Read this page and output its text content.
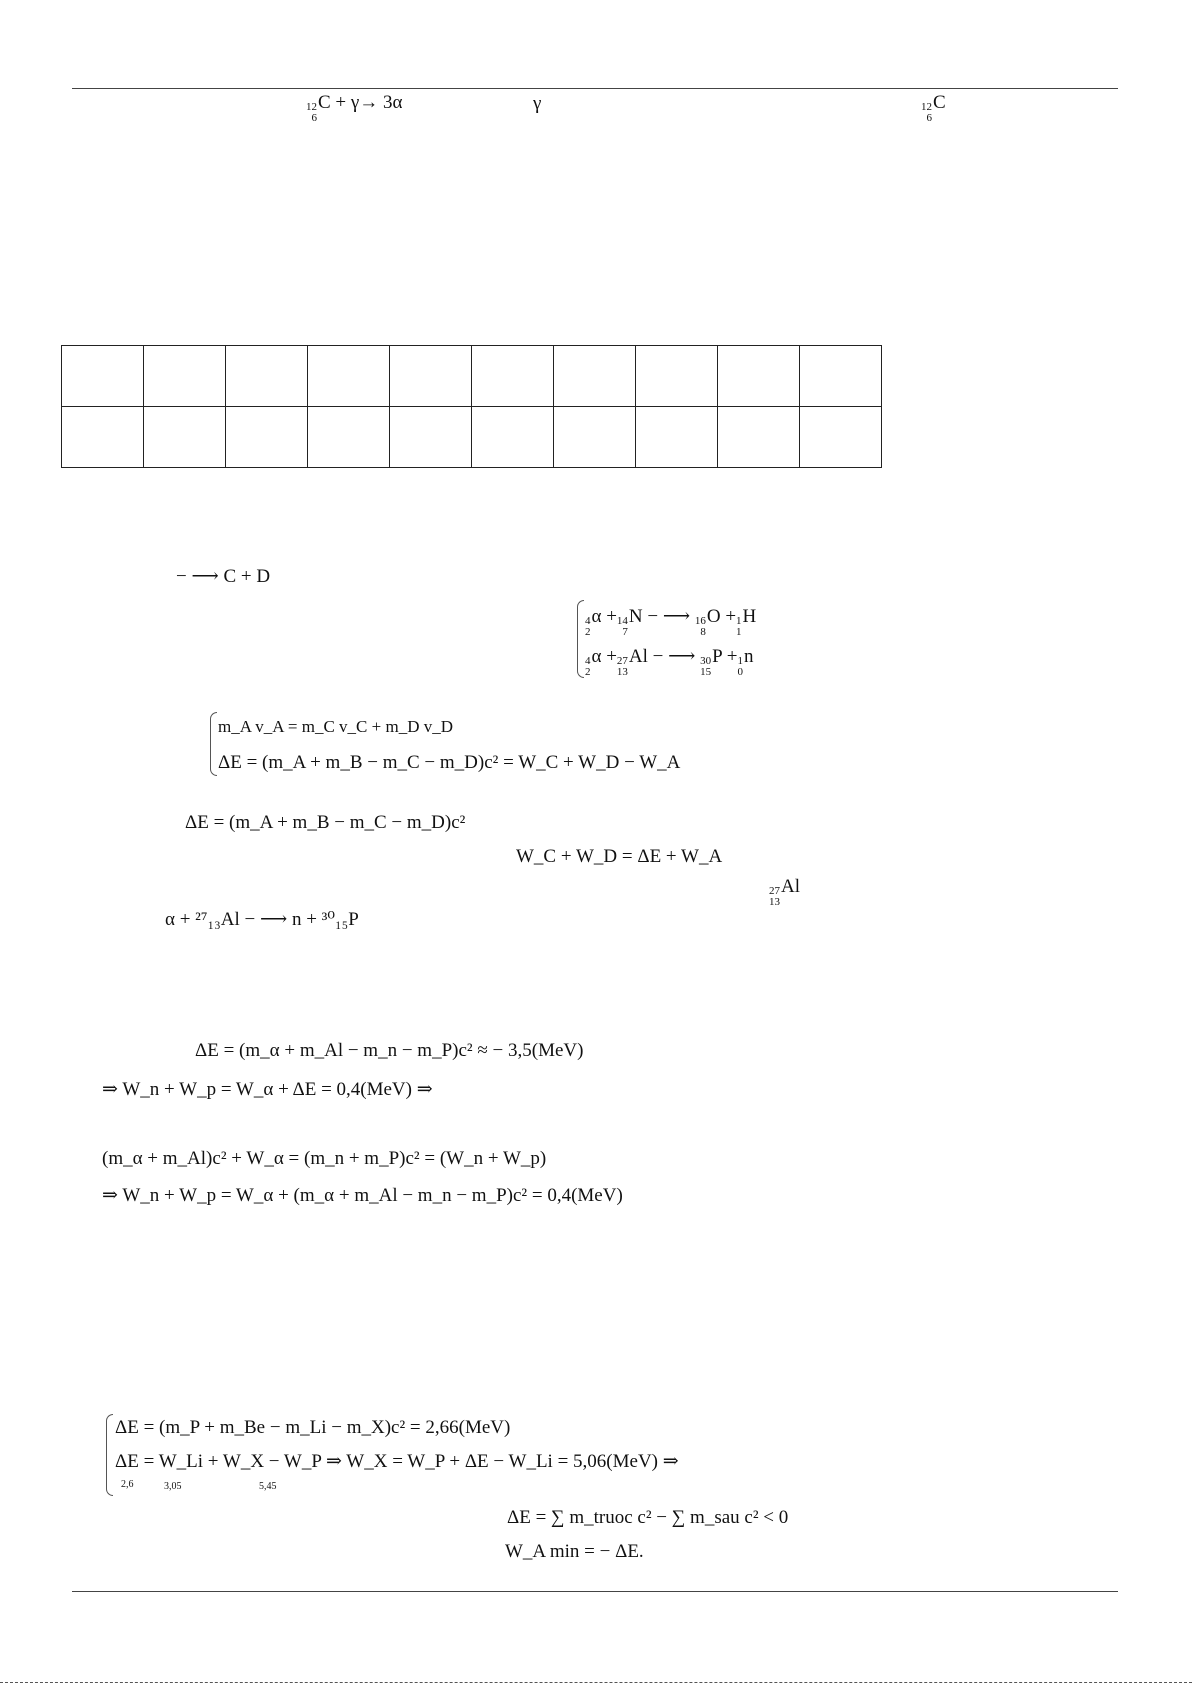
12
6
C + γ→ 3α	γ	12
6
C

− ⟶ C + D
4
2
α + 14
7
N − ⟶ 16
8
O + 1
1
H
4
2
α + 27
13
Al − ⟶ 30
15
P + 1
0
n
m_A v_A = m_C v_C + m_D v_D
ΔE = (m_A + m_B − m_C − m_D)c² = W_C + W_D − W_A
ΔE = (m_A + m_B − m_C − m_D)c²
W_C + W_D = ΔE + W_A
27
13
Al
α + ²⁷₁₃Al − ⟶ n + ³⁰₁₅P
ΔE = (m_α + m_Al − m_n − m_P)c² ≈ − 3,5(MeV)
⇒ W_n + W_p = W_α + ΔE = 0,4(MeV) ⇒
(m_α + m_Al)c² + W_α = (m_n + m_P)c² = (W_n + W_p)
⇒ W_n + W_p = W_α + (m_α + m_Al − m_n − m_P)c² = 0,4(MeV)
ΔE = (m_P + m_Be − m_Li − m_X)c² = 2,66(MeV)
ΔE = W_Li + W_X − W_P ⇒ W_X = W_P + ΔE − W_Li = 5,06(MeV) ⇒
2,6	3,05	5,45
ΔE = ∑ m_truoc c² − ∑ m_sau c² < 0
W_A min = − ΔE.
